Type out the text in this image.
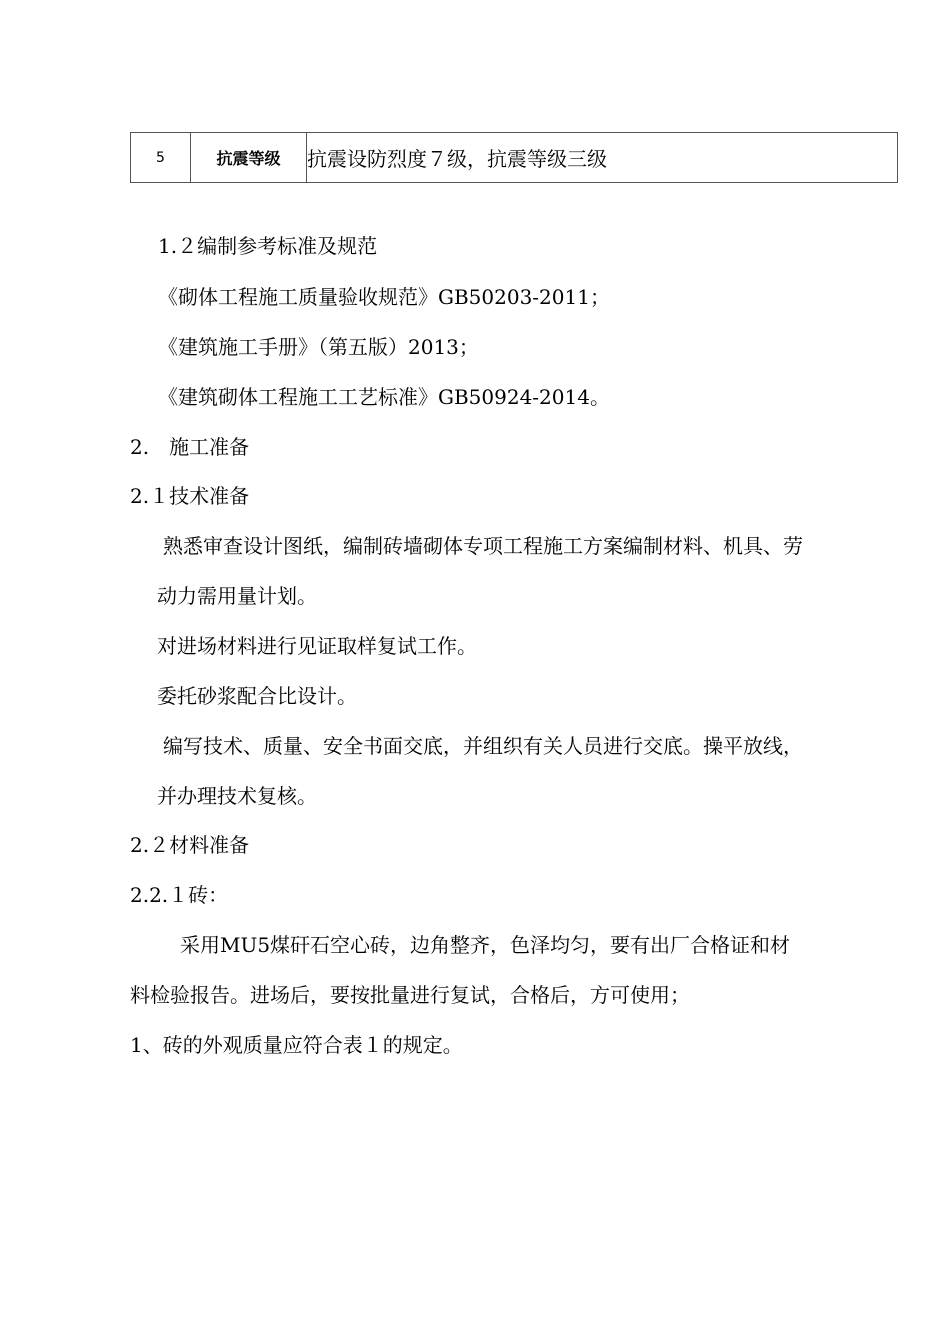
5	抗震等级	抗震设防烈度７级，抗震等级三级
1.２编制参考标准及规范
《砌体工程施工质量验收规范》GB50203-2011；
《建筑施工手册》（第五版）2013；
《建筑砌体工程施工工艺标准》GB50924-2014。
2.　施工准备
2.１技术准备
熟悉审查设计图纸，编制砖墙砌体专项工程施工方案编制材料、机具、劳
动力需用量计划。
对进场材料进行见证取样复试工作。
委托砂浆配合比设计。
编写技术、质量、安全书面交底，并组织有关人员进行交底。操平放线，
并办理技术复核。
2.２材料准备
2.2.１砖：
采用MU5煤矸石空心砖，边角整齐，色泽均匀，要有出厂合格证和材
料检验报告。进场后，要按批量进行复试，合格后，方可使用；
1、砖的外观质量应符合表１的规定。
